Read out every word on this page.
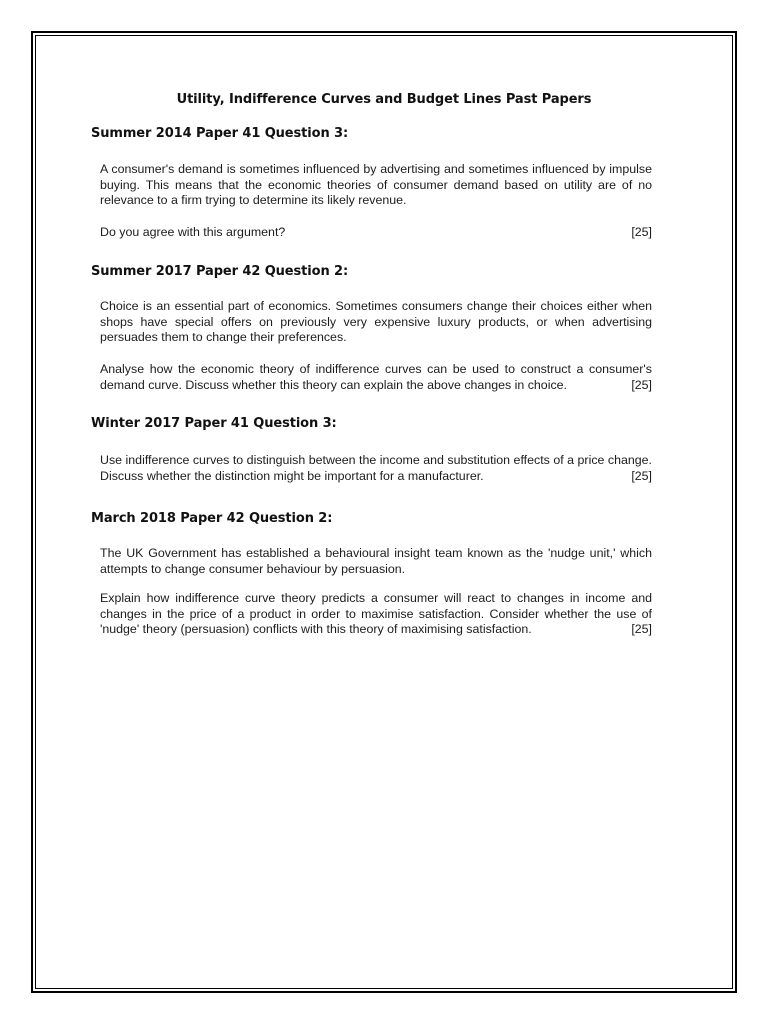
Utility, Indifference Curves and Budget Lines Past Papers
Summer 2014 Paper 41 Question 3:
A consumer's demand is sometimes influenced by advertising and sometimes influenced by impulse buying. This means that the economic theories of consumer demand based on utility are of no relevance to a firm trying to determine its likely revenue.
Do you agree with this argument?	[25]
Summer 2017 Paper 42 Question 2:
Choice is an essential part of economics. Sometimes consumers change their choices either when shops have special offers on previously very expensive luxury products, or when advertising persuades them to change their preferences.
Analyse how the economic theory of indifference curves can be used to construct a consumer's demand curve. Discuss whether this theory can explain the above changes in choice.	[25]
Winter 2017 Paper 41 Question 3:
Use indifference curves to distinguish between the income and substitution effects of a price change. Discuss whether the distinction might be important for a manufacturer.	[25]
March 2018 Paper 42 Question 2:
The UK Government has established a behavioural insight team known as the 'nudge unit,' which attempts to change consumer behaviour by persuasion.
Explain how indifference curve theory predicts a consumer will react to changes in income and changes in the price of a product in order to maximise satisfaction. Consider whether the use of 'nudge' theory (persuasion) conflicts with this theory of maximising satisfaction.	[25]
